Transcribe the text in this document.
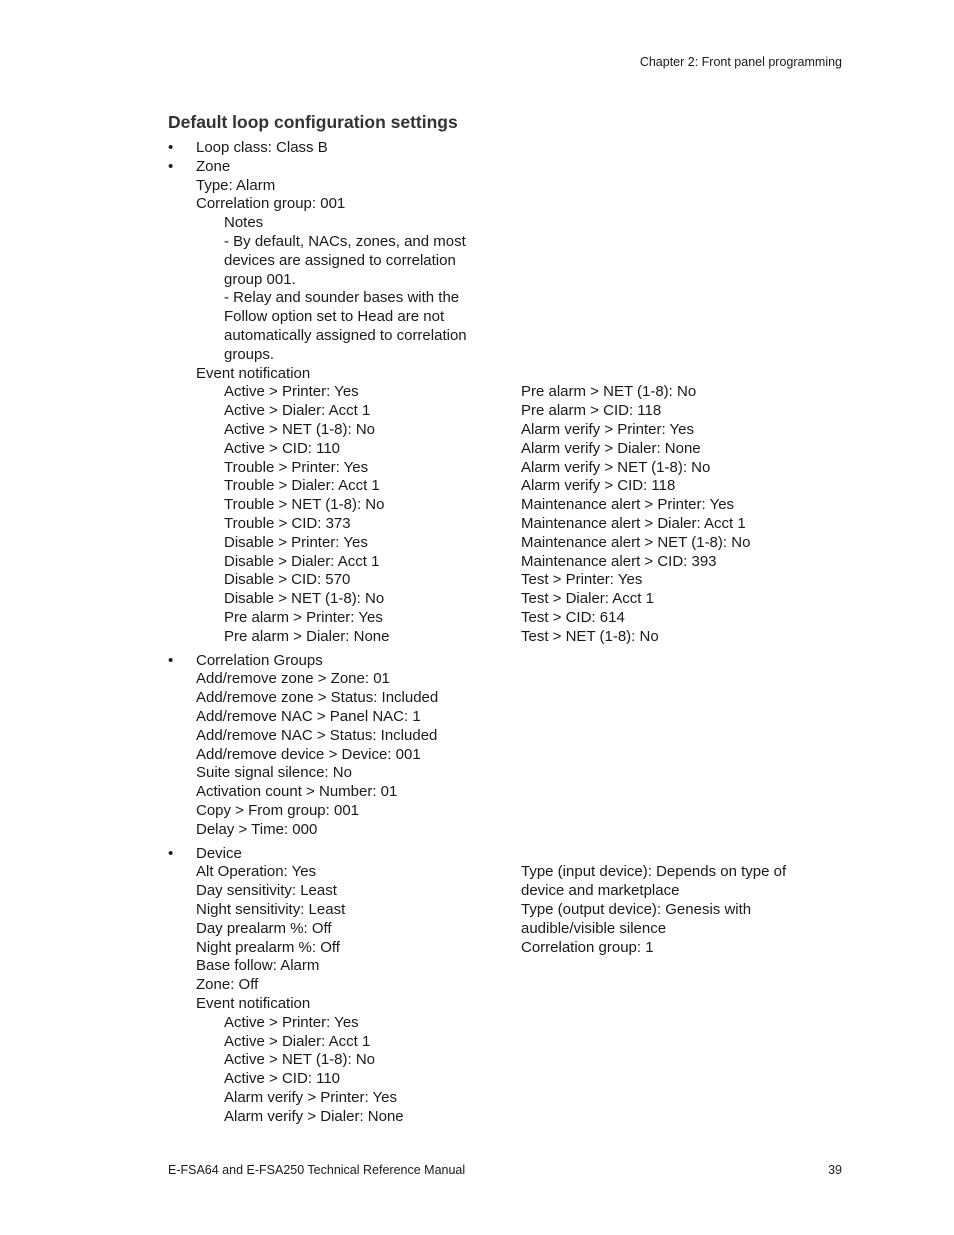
Chapter 2: Front panel programming
Default loop configuration settings
• Loop class: Class B
• Zone
Type: Alarm
Correlation group: 001
Notes
- By default, NACs, zones, and most
devices are assigned to correlation
group 001.
- Relay and sounder bases with the
Follow option set to Head are not
automatically assigned to correlation
groups.
Event notification
Active > Printer: Yes
Active > Dialer: Acct 1
Active > NET (1-8): No
Active > CID: 110
Trouble > Printer: Yes
Trouble > Dialer: Acct 1
Trouble > NET (1-8): No
Trouble > CID: 373
Disable > Printer: Yes
Disable > Dialer: Acct 1
Disable > CID: 570
Disable > NET (1-8): No
Pre alarm > Printer: Yes
Pre alarm > Dialer: None
Pre alarm > NET (1-8): No
Pre alarm > CID: 118
Alarm verify > Printer: Yes
Alarm verify > Dialer: None
Alarm verify > NET (1-8): No
Alarm verify > CID: 118
Maintenance alert > Printer: Yes
Maintenance alert > Dialer: Acct 1
Maintenance alert > NET (1-8): No
Maintenance alert > CID: 393
Test > Printer: Yes
Test > Dialer: Acct 1
Test > CID: 614
Test > NET (1-8): No
• Correlation Groups
Add/remove zone > Zone: 01
Add/remove zone > Status: Included
Add/remove NAC > Panel NAC: 1
Add/remove NAC > Status: Included
Add/remove device > Device: 001
Suite signal silence: No
Activation count > Number: 01
Copy > From group: 001
Delay > Time: 000
• Device
Alt Operation: Yes
Day sensitivity: Least
Night sensitivity: Least
Day prealarm %: Off
Night prealarm %: Off
Base follow: Alarm
Zone: Off
Event notification
Type (input device): Depends on type of
device and marketplace
Type (output device): Genesis with
audible/visible silence
Correlation group: 1
Active > Printer: Yes
Active > Dialer: Acct 1
Active > NET (1-8): No
Active > CID: 110
Alarm verify > Printer: Yes
Alarm verify > Dialer: None
E-FSA64 and E-FSA250 Technical Reference Manual	39
